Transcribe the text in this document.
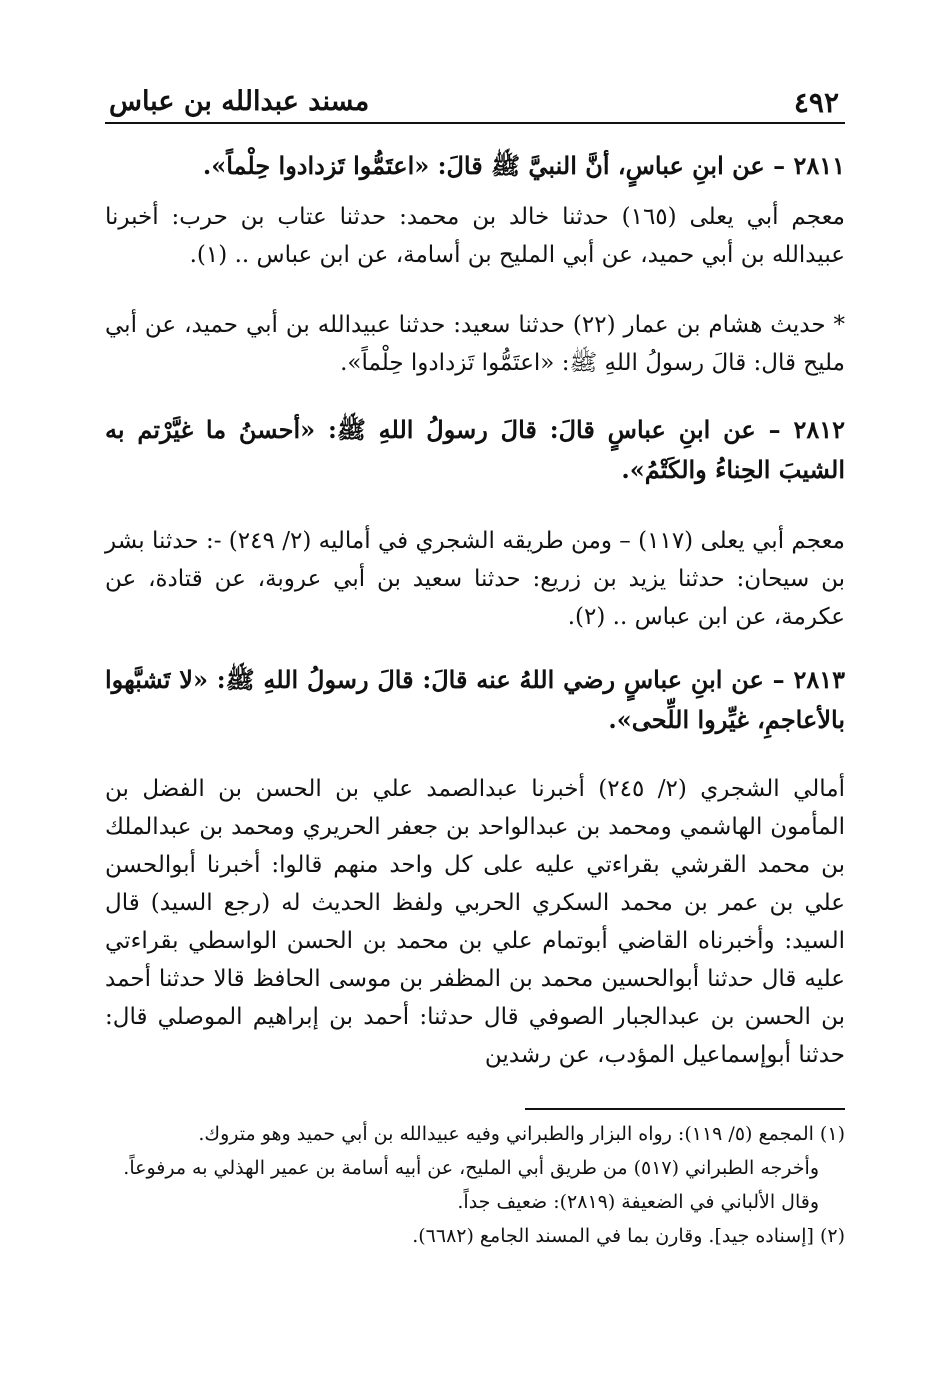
٤٩٢
مسند عبدالله بن عباس
٢٨١١ – عن ابنِ عباسٍ، أنَّ النبيَّ ﷺ قالَ: «اعتَمُّوا تَزدادوا حِلْماً».
معجم أبي يعلى (١٦٥) حدثنا خالد بن محمد: حدثنا عتاب بن حرب: أخبرنا عبيدالله بن أبي حميد، عن أبي المليح بن أسامة، عن ابن عباس .. (١).
* حديث هشام بن عمار (٢٢) حدثنا سعيد: حدثنا عبيدالله بن أبي حميد، عن أبي مليح قال: قالَ رسولُ اللهِ ﷺ: «اعتَمُّوا تَزدادوا حِلْماً».
٢٨١٢ – عن ابنِ عباسٍ قالَ: قالَ رسولُ اللهِ ﷺ: «أحسنُ ما غيَّرْتم به الشيبَ الحِناءُ والكَتْمُ».
معجم أبي يعلى (١١٧) – ومن طريقه الشجري في أماليه (٢/ ٢٤٩) -: حدثنا بشر بن سيحان: حدثنا يزيد بن زريع: حدثنا سعيد بن أبي عروبة، عن قتادة، عن عكرمة، عن ابن عباس .. (٢).
٢٨١٣ – عن ابنِ عباسٍ رضي اللهُ عنه قالَ: قالَ رسولُ اللهِ ﷺ: «لا تَشبَّهوا بالأعاجمِ، غيِّروا اللِّحى».
أمالي الشجري (٢/ ٢٤٥) أخبرنا عبدالصمد علي بن الحسن بن الفضل بن المأمون الهاشمي ومحمد بن عبدالواحد بن جعفر الحريري ومحمد بن عبدالملك بن محمد القرشي بقراءتي عليه على كل واحد منهم قالوا: أخبرنا أبوالحسن علي بن عمر بن محمد السكري الحربي ولفظ الحديث له (رجع السيد) قال السيد: وأخبرناه القاضي أبوتمام علي بن محمد بن الحسن الواسطي بقراءتي عليه قال حدثنا أبوالحسين محمد بن المظفر بن موسى الحافظ قالا حدثنا أحمد بن الحسن بن عبدالجبار الصوفي قال حدثنا: أحمد بن إبراهيم الموصلي قال: حدثنا أبوإسماعيل المؤدب، عن رشدين
(١) المجمع (٥/ ١١٩): رواه البزار والطبراني وفيه عبيدالله بن أبي حميد وهو متروك.
وأخرجه الطبراني (٥١٧) من طريق أبي المليح، عن أبيه أسامة بن عمير الهذلي به مرفوعاً.
وقال الألباني في الضعيفة (٢٨١٩): ضعيف جداً.
(٢) [إسناده جيد]. وقارن بما في المسند الجامع (٦٦٨٢).
